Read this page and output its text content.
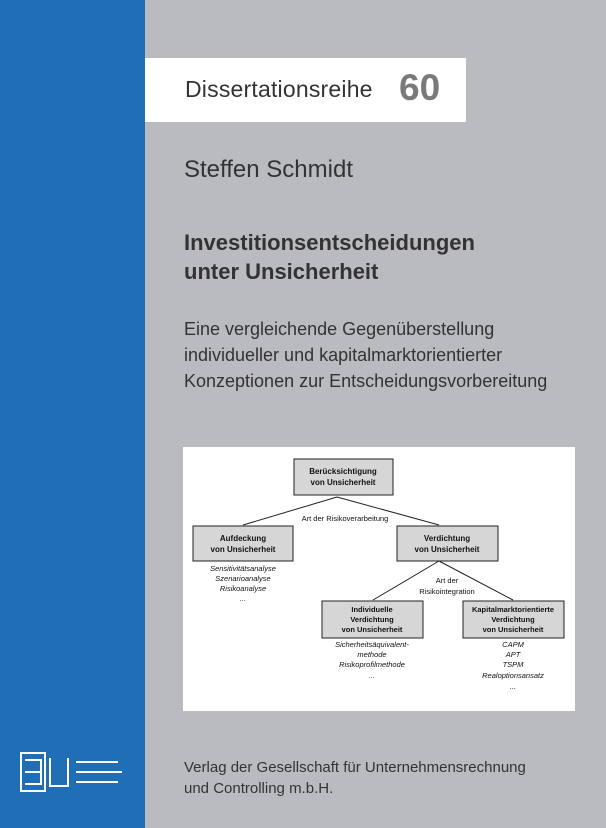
Dissertationsreihe 60
Steffen Schmidt
Investitionsentscheidungen
unter Unsicherheit
Eine vergleichende Gegenüberstellung
individueller und kapitalmarktorientierter
Konzeptionen zur Entscheidungsvorbereitung
Berücksichtigung
von Unsicherheit
Art der Risikoverarbeitung
Aufdeckung
von Unsicherheit
Sensitivitätsanalyse
Szenarioanalyse
Risikoanalyse
...
Verdichtung
von Unsicherheit
Art der
Risikointegration
Individuelle
Verdichtung
von Unsicherheit
Sicherheitsäquivalent-
methode
Risikoprofilmethode
...
Kapitalmarktorientierte
Verdichtung
von Unsicherheit
CAPM
APT
TSPM
Realoptionsansatz
...
Verlag der Gesellschaft für Unternehmensrechnung
und Controlling m.b.H.
